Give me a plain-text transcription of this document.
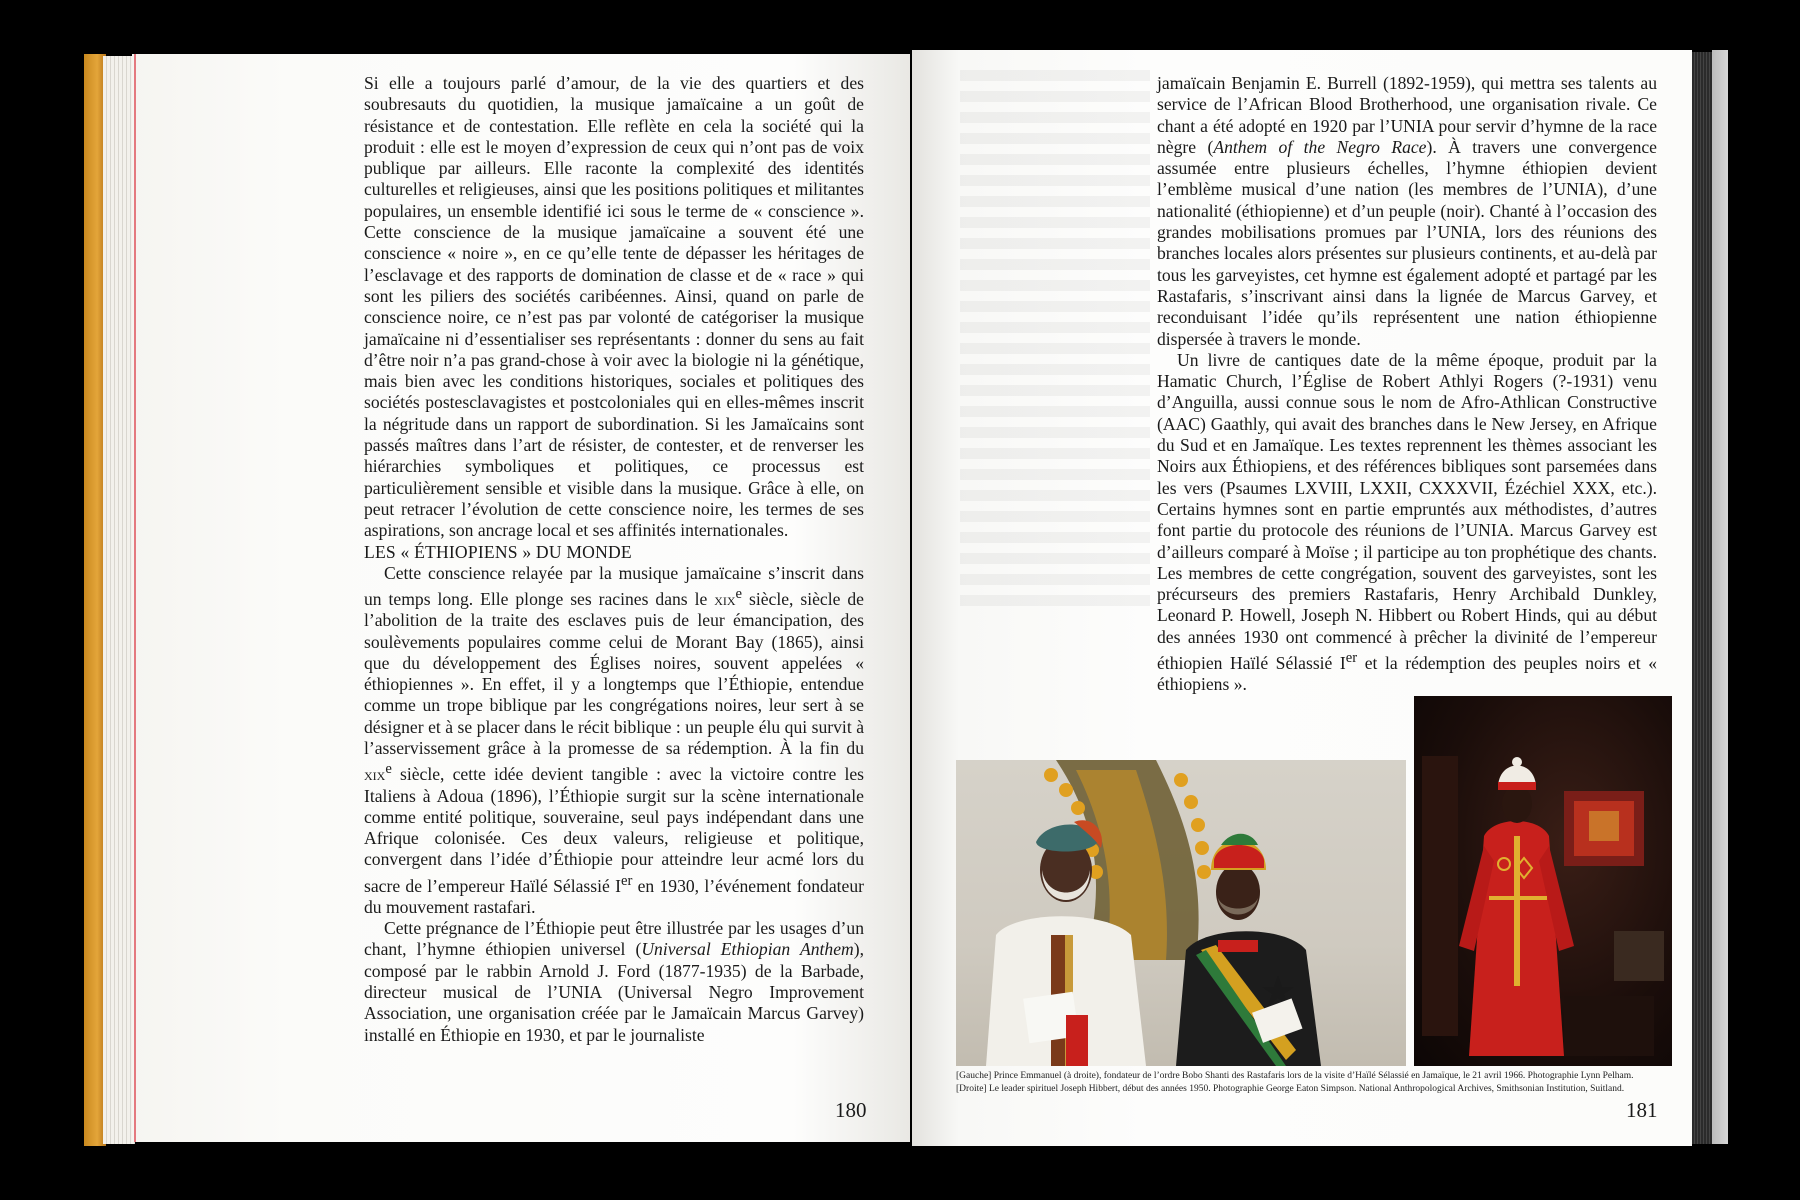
Si elle a toujours parlé d’amour, de la vie des quartiers et des soubresauts du quotidien, la musique jamaïcaine a un goût de résistance et de contestation. Elle reflète en cela la société qui la produit : elle est le moyen d’expression de ceux qui n’ont pas de voix publique par ailleurs. Elle raconte la complexité des identités culturelles et religieuses, ainsi que les positions politiques et militantes populaires, un ensemble identifié ici sous le terme de « conscience ». Cette conscience de la musique jamaïcaine a souvent été une conscience « noire », en ce qu’elle tente de dépasser les héritages de l’esclavage et des rapports de domination de classe et de « race » qui sont les piliers des sociétés caribéennes. Ainsi, quand on parle de conscience noire, ce n’est pas par volonté de catégoriser la musique jamaïcaine ni d’essentialiser ses représentants : donner du sens au fait d’être noir n’a pas grand-chose à voir avec la biologie ni la génétique, mais bien avec les conditions historiques, sociales et politiques des sociétés postesclavagistes et postcoloniales qui en elles-mêmes inscrit la négritude dans un rapport de subordination. Si les Jamaïcains sont passés maîtres dans l’art de résister, de contester, et de renverser les hiérarchies symboliques et politiques, ce processus est particulièrement sensible et visible dans la musique. Grâce à elle, on peut retracer l’évolution de cette conscience noire, les termes de ses aspirations, son ancrage local et ses affinités internationales.

LES « ÉTHIOPIENS » DU MONDE

Cette conscience relayée par la musique jamaïcaine s’inscrit dans un temps long. Elle plonge ses racines dans le xix$^e$ siècle, siècle de l’abolition de la traite des esclaves puis de leur émancipation, des soulèvements populaires comme celui de Morant Bay (1865), ainsi que du développement des Églises noires, souvent appelées « éthiopiennes ». En effet, il y a longtemps que l’Éthiopie, entendue comme un trope biblique par les congrégations noires, leur sert à se désigner et à se placer dans le récit biblique : un peuple élu qui survit à l’asservissement grâce à la promesse de sa rédemption. À la fin du xix$^e$ siècle, cette idée devient tangible : avec la victoire contre les Italiens à Adoua (1896), l’Éthiopie surgit sur la scène internationale comme entité politique, souveraine, seul pays indépendant dans une Afrique colonisée. Ces deux valeurs, religieuse et politique, convergent dans l’idée d’Éthiopie pour atteindre leur acmé lors du sacre de l’empereur Haïlé Sélassié Ier en 1930, l’événement fondateur du mouvement rastafari.

Cette prégnance de l’Éthiopie peut être illustrée par les usages d’un chant, l’hymne éthiopien universel (Universal Ethiopian Anthem), composé par le rabbin Arnold J. Ford (1877-1935) de la Barbade, directeur musical de l’UNIA (Universal Negro Improvement Association, une organisation créée par le Jamaïcain Marcus Garvey) installé en Éthiopie en 1930, et par le journaliste

180

jamaïcain Benjamin E. Burrell (1892-1959), qui mettra ses talents au service de l’African Blood Brotherhood, une organisation rivale. Ce chant a été adopté en 1920 par l’UNIA pour servir d’hymne de la race nègre (Anthem of the Negro Race). À travers une convergence assumée entre plusieurs échelles, l’hymne éthiopien devient l’emblème musical d’une nation (les membres de l’UNIA), d’une nationalité (éthiopienne) et d’un peuple (noir). Chanté à l’occasion des grandes mobilisations promues par l’UNIA, lors des réunions des branches locales alors présentes sur plusieurs continents, et au-delà par tous les garveyistes, cet hymne est également adopté et partagé par les Rastafaris, s’inscrivant ainsi dans la lignée de Marcus Garvey, et reconduisant l’idée qu’ils représentent une nation éthiopienne dispersée à travers le monde.

Un livre de cantiques date de la même époque, produit par la Hamatic Church, l’Église de Robert Athlyi Rogers (?-1931) venu d’Anguilla, aussi connue sous le nom de Afro-Athlican Constructive (AAC) Gaathly, qui avait des branches dans le New Jersey, en Afrique du Sud et en Jamaïque. Les textes reprennent les thèmes associant les Noirs aux Éthiopiens, et des références bibliques sont parsemées dans les vers (Psaumes LXVIII, LXXII, CXXXVII, Ézéchiel XXX, etc.). Certains hymnes sont en partie empruntés aux méthodistes, d’autres font partie du protocole des réunions de l’UNIA. Marcus Garvey est d’ailleurs comparé à Moïse ; il participe au ton prophétique des chants. Les membres de cette congrégation, souvent des garveyistes, sont les précurseurs des premiers Rastafaris, Henry Archibald Dunkley, Leonard P. Howell, Joseph N. Hibbert ou Robert Hinds, qui au début des années 1930 ont commencé à prêcher la divinité de l’empereur éthiopien Haïlé Sélassié Ier et la rédemption des peuples noirs et « éthiopiens ».

[Gauche] Prince Emmanuel (à droite), fondateur de l’ordre Bobo Shanti des Rastafaris lors de la visite d’Haïlé Sélassié en Jamaïque, le 21 avril 1966. Photographie Lynn Pelham.

[Droite] Le leader spirituel Joseph Hibbert, début des années 1950. Photographie George Eaton Simpson. National Anthropological Archives, Smithsonian Institution, Suitland.

181
